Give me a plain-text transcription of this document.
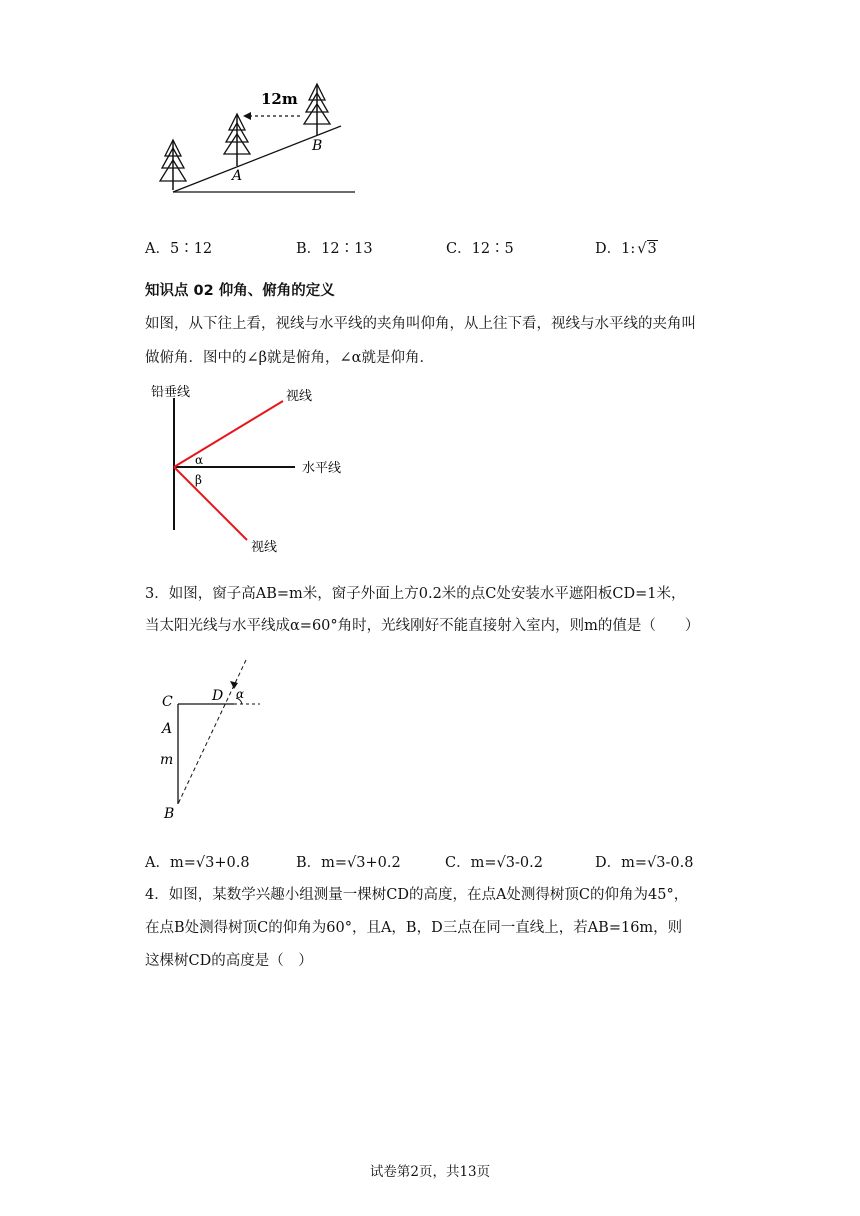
12m
A
B
A．5∶12	B．12∶13	C．12∶5	D．1: √3
知识点 02 仰角、俯角的定义
如图，从下往上看，视线与水平线的夹角叫仰角，从上往下看，视线与水平线的夹角叫
做俯角．图中的∠β就是俯角，∠α就是仰角．
铅垂线	视线
水平线
视线
α
β
3．如图，窗子高AB=m米，窗子外面上方0.2米的点C处安装水平遮阳板CD=1米，
当太阳光线与水平线成α=60°角时，光线刚好不能直接射入室内，则m的值是（　　）
C	D α
A
m
B
A．m=√3+0.8	B．m=√3+0.2	C．m=√3-0.2	D．m=√3-0.8
4．如图，某数学兴趣小组测量一棵树CD的高度，在点A处测得树顶C的仰角为45°，
在点B处测得树顶C的仰角为60°，且A，B，D三点在同一直线上，若AB=16m，则
这棵树CD的高度是（　）
试卷第2页，共13页
